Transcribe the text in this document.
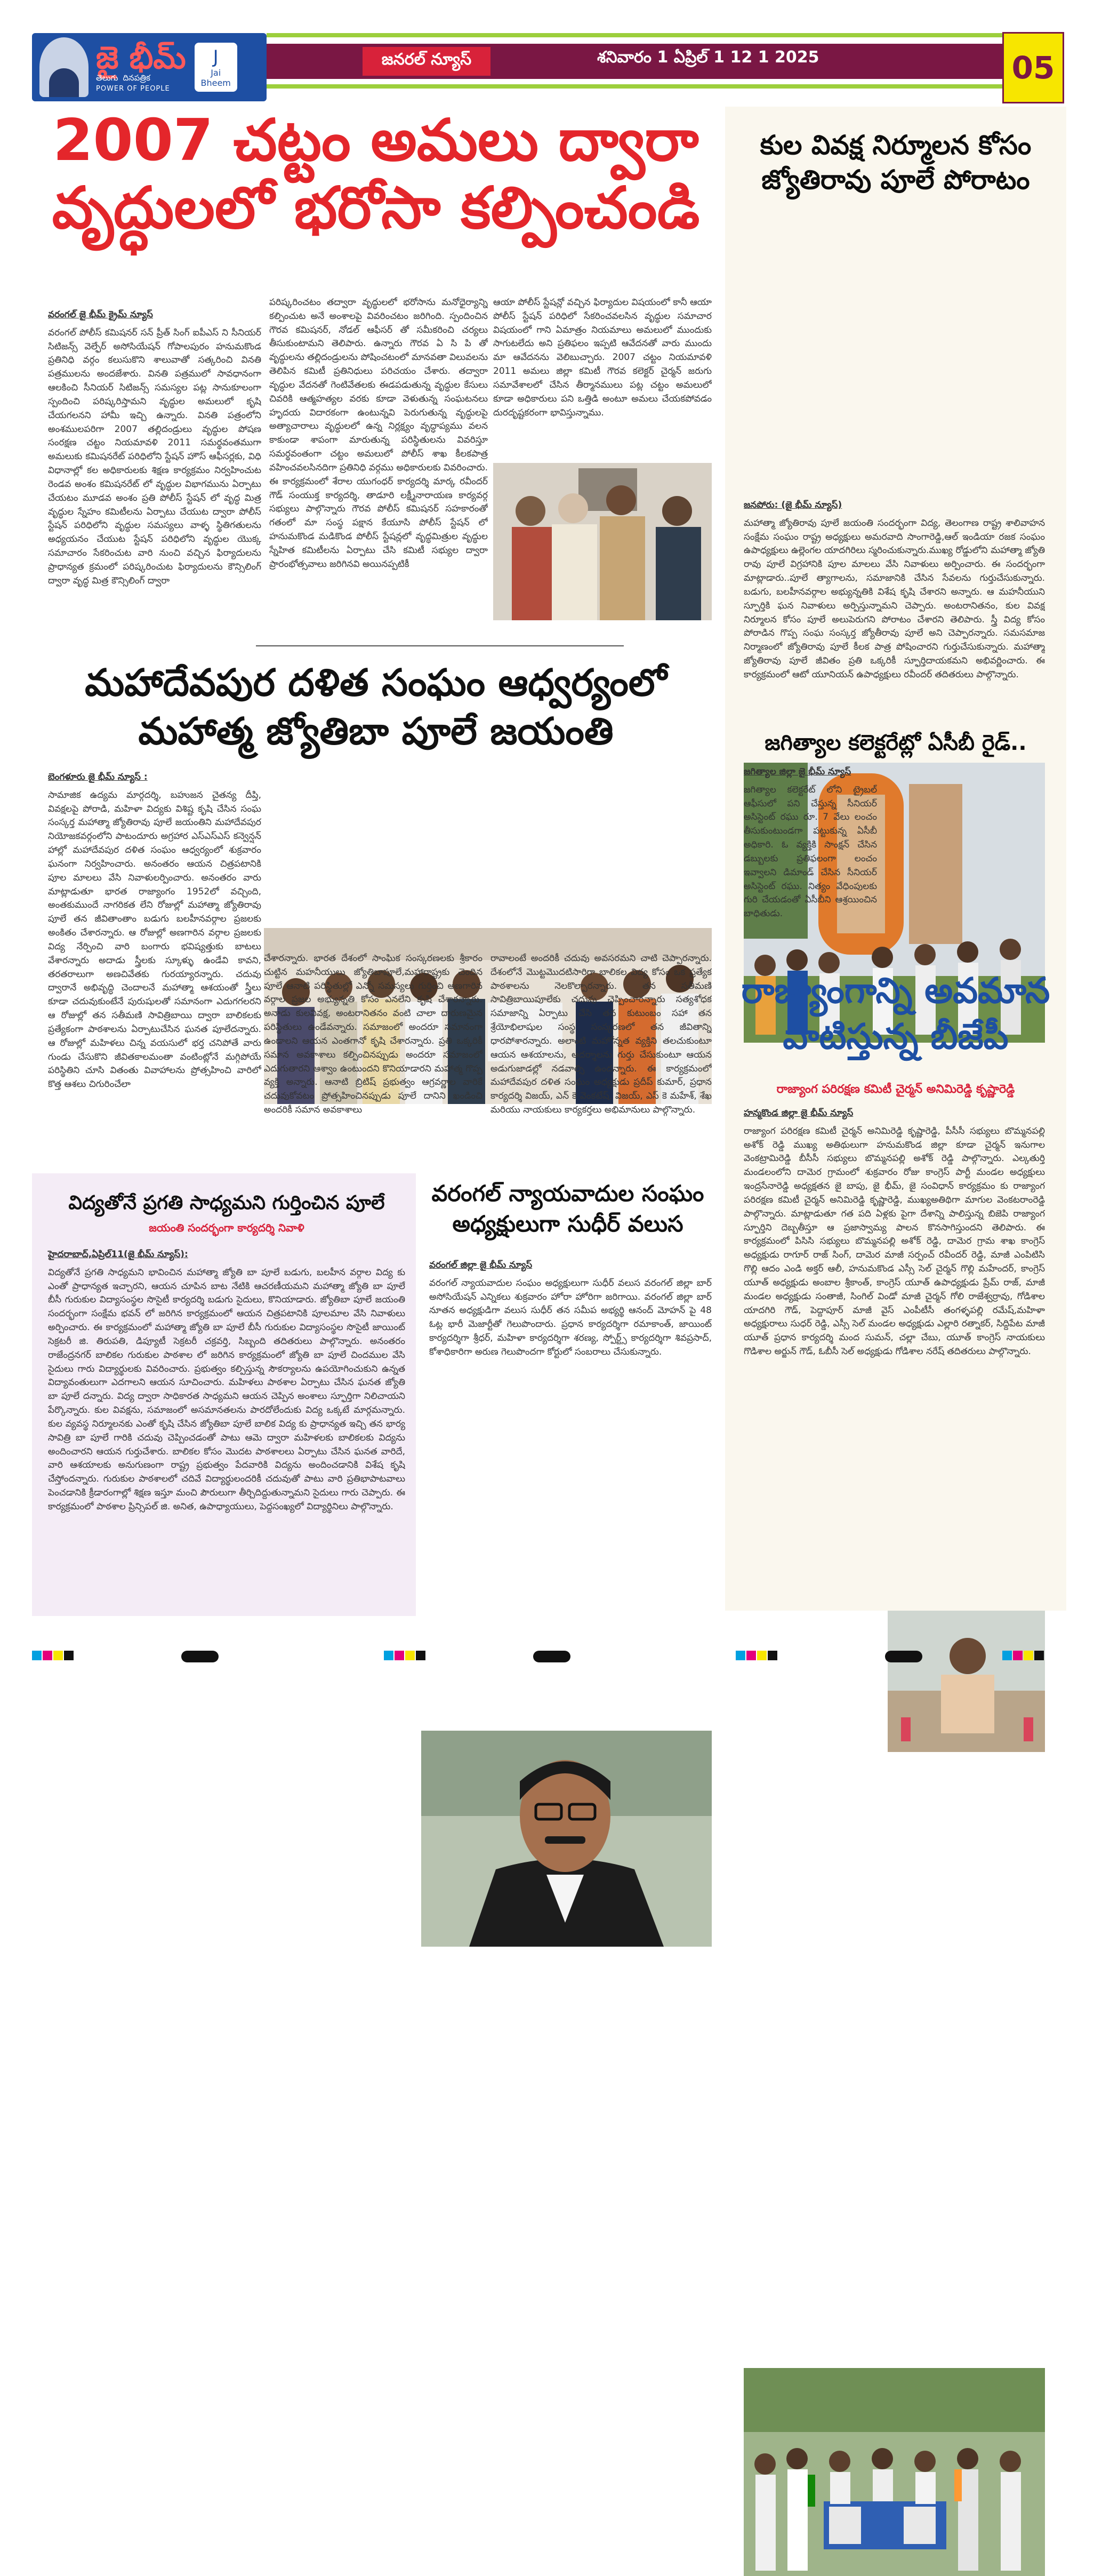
జై భీమ్
తెలుగు దినపత్రిక
POWER OF PEOPLE
J
Jai Bheem
జనరల్ న్యూస్	శనివారం 1 ఏప్రిల్ 1 12 1 2025	05
2007 చట్టం అమలు ద్వారా
వృద్ధులలో భరోసా కల్పించండి
వరంగల్ జై భీమ్ క్రైమ్ న్యూస్
వరంగల్ పోలీస్ కమిషనర్ సన్ ప్రీత్ సింగ్ ఐపీఎస్ ని సీనియర్ సిటిజన్స్ వెల్ఫేర్ అసోసియేషన్ గోపాలపురం హనుమకొండ ప్రతినిధి వర్గం కలుసుకొని శాలువాతో సత్కరించి వినతి పత్రములను అందజేశారు. వినతి పత్రములో సావధానంగా ఆలకించి సీనియర్ సిటిజన్స్ సమస్యల పట్ల సానుకూలంగా స్పందించి పరిష్కరిస్తామని వృద్ధుల అమలులో కృషి చేయగలనని హామీ ఇచ్చి ఉన్నారు. వినతి పత్రంలోని అంశములపరిగా 2007 తల్లిదండ్రులు వృద్ధుల పోషణ సంరక్షణ చట్టం నియమావళి 2011 సమర్థవంతముగా అమలుకు కమిషనరేట్ పరిధిలోని స్టేషన్ హౌస్ ఆఫీసర్లకు, విధి విధానాల్లో కల అధికారులకు శిక్షణ కార్యక్రమం నిర్వహించుట రెండవ అంశం కమిషనరేట్ లో వృద్ధుల విభాగమును ఏర్పాటు చేయటం మూడవ అంశం ప్రతి పోలీస్ స్టేషన్ లో వృద్ధ మిత్ర వృద్ధుల స్నేహం కమిటీలను ఏర్పాటు చేయుట ద్వారా పోలీస్ స్టేషన్ పరిధిలోని వృద్ధుల సమస్యలు వాళ్ళ స్థితిగతులను అధ్యయనం చేయుట స్టేషన్ పరిధిలోని వృద్ధుల యొక్క సమాచారం సేకరించుట వారి నుంచి వచ్చిన ఫిర్యాదులను ప్రాధాన్యత క్రమంలో పరిష్కరించుట ఫిర్యాదులను కౌన్సిలింగ్ ద్వారా వృద్ధ మిత్ర కౌన్సిలింగ్ ద్వారా
పరిష్కరించటం తద్వారా వృద్ధులలో భరోసాను మనోధైర్యాన్ని కల్పించుట అనే అంశాలపై వివరించటం జరిగింది. స్పందించిన గౌరవ కమిషనర్, నోడల్ ఆఫీసర్ తో సమీకరించి చర్యలు తీసుకుంటామని తెలిపారు. ఉన్నారు గౌరవ ఏ సి పి తో వృద్ధులను తల్లిదండ్రులను పోషించటంలో మానవతా విలువలను తెలిపిన కమిటీ ప్రతినిధులు పరిచయం చేశారు. తద్వారా వృద్ధుల వేదనతో గెంటివేతలకు ఈడపడుతున్న వృద్ధుల కేసులు చివరికి ఆత్మహత్యల వరకు కూడా వెళుతున్న సంఘటనలు హృదయ విదారకంగా ఉంటున్నవి పెరుగుతున్న వృద్ధులపై అత్యాచారాలు వృద్ధులలో ఉన్న నిర్లక్ష్యం వృద్ధాప్యము వలన కాకుండా శాపంగా మారుతున్న పరిస్థితులను వివరిస్తూ సమర్థవంతంగా చట్టం అమలులో పోలీస్ శాఖ కీలకపాత్ర వహించవలసినదిగా ప్రతినిధి వర్గము అధికారులకు వివరించారు. ఈ కార్యక్రమంలో శేరాల యుగంధర్ కార్యదర్శి మార్క రవీందర్ గౌడ్ సంయుక్త కార్యదర్శి, తాడూరి లక్ష్మీనారాయణ కార్యవర్గ సభ్యులు పాల్గొన్నారు గౌరవ పోలీస్ కమిషనర్ సహకారంతో గతంలో మా సంస్థ పక్షాన కేయూసి పోలీస్ స్టేషన్ లో హనుమకొండ మడికొండ పోలీస్ స్టేషన్లలో వృద్ధమిత్రుల వృద్ధుల స్నేహిత కమిటీలను ఏర్పాటు చేసి కమిటీ సభ్యుల ద్వారా ప్రారంభోత్సవాలు జరిగినవి అయినప్పటికీ
ఆయా పోలీస్ స్టేషన్లో వచ్చిన ఫిర్యాదుల విషయంలో కానీ ఆయా పోలీస్ స్టేషన్ పరిధిలో సేకరించవలసిన వృద్ధుల సమాచార విషయంలో గాని ఏమాత్రం నియమాలు అమలులో ముందుకు సాగుటలేదు అని ప్రతిఫలం ఇప్పటి ఆవేదనతో వారు ముందు మా ఆవేదనను వెలిబుచ్చారు. 2007 చట్టం నియమావళి 2011 అమలు జిల్లా కమిటీ గౌరవ కలెక్టర్ చైర్మన్ జరుగు సమావేశాలలో చేసిన తీర్మానములు పట్ల చట్టం అమలులో కూడా అధికారులు పని ఒత్తిడి అంటూ అమలు చేయకపోవడం దురదృష్టకరంగా భావిస్తున్నాము.
మహాదేవపుర దళిత సంఘం ఆధ్వర్యంలో
మహాత్మ జ్యోతిబా పూలే జయంతి
బెంగళూరు జై భీమ్ న్యూస్ :
సామాజిక ఉద్యమ మార్గదర్శి, బహుజన చైతన్య దీప్తి, వివక్షలపై పోరాడి, మహిళా విద్యకు విశిష్ట కృషి చేసిన సంఘ సంస్కర్త మహాత్మా జ్యోతిరావు పూలే జయంతిని మహాదేవపుర నియోజకవర్గంలోని పాటందూరు అగ్రహార ఎస్ఎస్ఎస్ కన్వెన్షన్ హాల్లో మహాదేవపుర దళిత సంఘం ఆధ్వర్యంలో శుక్రవారం ఘనంగా నిర్వహించారు. అనంతరం ఆయన చిత్రపటానికి పూల మాలలు వేసి నివాళులర్పించారు. అనంతరం వారు మాట్లాడుతూ భారత రాజ్యాంగం 1952లో వచ్చింది, అంతకుముందే నాగరికత లేని రోజుల్లో మహాత్మా జ్యోతిరావు పూలే తన జీవితాంతాం బడుగు బలహీనవర్గాల ప్రజలకు అంకితం చేశారన్నారు. ఆ రోజుల్లో అణగారిన వర్గాల ప్రజలకు విద్య నేర్పించి వారి బంగారు భవిష్యత్తుకు బాటలు వేశారన్నారు అదాడు స్త్రీలకు స్కూళ్ళు ఉండేవి కావని, తరతరాలుగా అణచివేతకు గురయ్యారన్నారు. చదువు ద్వారానే అభివృద్ధి చెందాలనే మహాత్మా ఆశయంతో స్త్రీలు కూడా చదువుకుంటేనే పురుషులతో సమానంగా ఎదుగగలరని ఆ రోజుల్లో తన సతీమణి సావిత్రిబాయి ద్వారా బాలికలకు ప్రత్యేకంగా పాఠశాలను ఏర్పాటుచేసిన ఘనత పూలేదన్నారు. ఆ రోజుల్లో మహిళలు చిన్న వయసులో భర్త చనిపోతే వారు గుండు చేసుకొని జీవితకాలమంతా వంటింట్లోనే మగ్గిపోయే పరిస్థితిని చూసి వితంతు వివాహాలను ప్రోత్సహించి వారిలో కొత్త ఆశలు చిగురించేలా
చేశారన్నారు. భారత దేశంలో సాంఘిక సంస్కరణలకు శ్రీకారం చుట్టిన మహనీయులు జ్యోతిబాపూలే,మహారాష్ట్రకు చెందిన పూలే ఆనాటి పరిస్థితుల్లో ఎన్నో సమస్యలు గుర్తించి అణగారిన వర్గాల ప్రజల అభ్యున్నతి కోసం ఎనలేని కృషి చేశారన్నారు. అనాడు కులవివక్ష, అంటరానితనం వంటి చాలా దారుణమైన పరిస్థితులు ఉండేవన్నారు. సమాజంలో అందరూ సమానంగా ఉండాలని ఆయన ఎంతగానో కృషి చేశారన్నారు. ప్రతి ఒక్కరికీ సమాన అవకాశాలు కల్పించినప్పుడు అందరూ సమాజంలో ఎదుగుతారని ఆశ్వాం ఉంటుందని కొనియాడారని మహాత్మ గొప్ప వ్యక్తి అన్నారు. ఆనాటి బ్రిటిష్ ప్రభుత్వం ఆగ్రవర్ణాల వారికే చదువుకోవటం ప్రోత్సహించినప్పుడు పూలే దానిని ఖండించి అందరికీ సమాన అవకాశాలు
రావాలంటే అందరికీ చదువు అవసరమని చాటి చెప్పారన్నారు. దేశంలోనే మొట్టమొదటిసారిగా బాలికల విద్య కోసం ఒక ప్రత్యేక పాఠశాలను నెలకొల్పారన్నారు. తన సతీమణి సావిత్రిబాయిపూలేకు చదువు చెప్పించారన్నారు సత్యశోధక సమాజాన్ని ఏర్పాటు చేసి తన కుటుంబం సహా తన శ్రేయోభిలాషుల సంస్థ సంస్కరణలో తన జీవితాన్ని ధారపోశారన్నారు. అలాంటి మహోన్నత వ్యక్తిని తలచుకుంటూ ఆయన ఆశయాలను, ఆదర్శాలను గుర్తు చేసుకుంటూ ఆయన అడుగుజాడల్లో నడవాల్సి ఉందన్నారు. ఈ కార్యక్రమంలో మహాదేవపుర దళిత సంఘం అధ్యక్షుడు ప్రదీప్ కుమార్, ప్రధాన కార్యదర్శి విజయ్, ఎన్ కె వెంకటేష్, విజయ్, ఎస్ కె మహేశ్, శేఖ మరియు నాయకులు కార్యకర్తలు అభిమానులు పాల్గొన్నారు.
విద్యతోనే ప్రగతి సాధ్యమని గుర్తించిన పూలే
జయంతి సందర్భంగా కార్యదర్శి నివాళి
హైదరాబాద్,ఏప్రిల్11(జై భీమ్ న్యూస్):
విద్యతోనే ప్రగతి సాధ్యమని భావించిన మహాత్మా జ్యోతి బా పూలే బడుగు, బలహీన వర్గాల విద్య కు ఎంతో ప్రాధాన్యత ఇచ్చారని, ఆయన చూపిన బాట నేటికి ఆచరణీయమని మహాత్మా జ్యోతి బా పూలే బీసీ గురుకుల విద్యాసంస్థల సొసైటీ కార్యదర్శి బడుగు సైదులు, కొనియాడారు. జ్యోతిబా పూలే జయంతి సందర్భంగా సంక్షేమ భవన్ లో జరిగిన కార్యక్రమంలో ఆయన చిత్రపటానికి పూలమాల వేసి నివాళులు అర్పించారు. ఈ కార్యక్రమంలో మహాత్మా జ్యోతి బా పూలే బీసీ గురుకుల విద్యాసంస్థల సొసైటీ జాయింట్ సెక్రటరీ జి. తిరుపతి, డిప్యూటీ సెక్రటరీ చక్రవర్తి, సిబ్బంది తదితరులు పాల్గొన్నారు. అనంతరం రాజేంద్రనగర్ బాలికల గురుకుల పాఠశాల లో జరిగిన కార్యక్రమంలో జ్యోతి బా పూలే చిందముల వేసి సైదులు గారు విద్యార్థులకు వివరించారు. ప్రభుత్వం కల్పిస్తున్న సౌకర్యాలను ఉపయోగించుకుని ఉన్నత విద్యావంతులుగా ఎదగాలని ఆయన సూచించారు. మహిళలు పాఠశాల ఏర్పాటు చేసిన ఘనత జ్యోతి బా పూలే దన్నారు. విద్య ద్వారా సాధికారత సాధ్యమని ఆయన చెప్పిన అంశాలు స్ఫూర్తిగా నిలిచాయని పేర్కొన్నారు. కుల వివక్షను, సమాజంలో అసమానతలను పారదోలేందుకు విద్య ఒక్కటే మార్గమన్నారు. కుల వ్యవస్థ నిర్మూలనకు ఎంతో కృషి చేసిన జ్యోతిబా పూలే బాలిక విద్య కు ప్రాధాన్యత ఇచ్చి తన భార్య సావిత్రి బా పూలే గారికి చదువు చెప్పించడంతో పాటు ఆమె ద్వారా మహిళలకు బాలికలకు విద్యను అందించారని ఆయన గుర్తుచేశారు. బాలికల కోసం మొదట పాఠశాలలు ఏర్పాటు చేసిన ఘనత వారిదే, వారి ఆశయాలకు అనుగుణంగా రాష్ట్ర ప్రభుత్వం పేదవారికి విద్యను అందించడానికి విశేష కృషి చేస్తోందన్నారు. గురుకుల పాఠశాలలో చదివే విద్యార్థులందరికీ చదువుతో పాటు వారి ప్రతిభాపాటవాలు పెంచడానికి క్రీడారంగాల్లో శిక్షణ ఇస్తూ మంచి పౌరులుగా తీర్చిదిద్దుతున్నామని సైదులు గారు చెప్పారు. ఈ కార్యక్రమంలో పాఠశాల ప్రిన్సిపల్ జి. అనిత, ఉపాధ్యాయులు, పెద్దసంఖ్యలో విద్యార్థినిలు పాల్గొన్నారు.
వరంగల్ న్యాయవాదుల సంఘం
అధ్యక్షులుగా సుధీర్ వలుస
వరంగల్ జిల్లా జై భీమ్ న్యూస్
వరంగల్ న్యాయవాదుల సంఘం అధ్యక్షులుగా సుధీర్ వలుస వరంగల్ జిల్లా బార్ అసోసియేషన్ ఎన్నికలు శుక్రవారం హోరా హోరిగా జరిగాయి. వరంగల్ జిల్లా బార్ నూతన అధ్యక్షుడిగా వలుస సుధీర్ తన సమీప అభ్యర్థి ఆనంద్ మోహన్ పై 48 ఓట్ల భారీ మెజార్టీతో గెలుపొందారు. ప్రధాన కార్యదర్శిగా రమాకాంత్, జాయింట్ కార్యదర్శిగా శ్రీధర్, మహిళా కార్యదర్శిగా శరణ్య, స్పోర్ట్స్ కార్యదర్శిగా శివప్రసాద్, కోశాధికారిగా అరుణ గెలుపొందగా కోర్టులో సంబరాలు చేసుకున్నారు.
కుల వివక్ష నిర్మూలన కోసం
జ్యోతిరావు పూలే పోరాటం
జనపోరు: (జై భీమ్ న్యూస్)
మహాత్మా జ్యోతిరావు పూలే జయంతి సందర్భంగా విద్య, తెలంగాణ రాష్ట్ర శాలివాహన సంక్షేమ సంఘం రాష్ట్ర అధ్యక్షులు అమరవాది సాంగారెడ్డి,ఆల్ ఇండియా రజక సంఘం ఉపాధ్యక్షులు ఉల్లెంగల యాదగిరిలు స్మరించుకున్నారు.ముఖ్య రోడ్డులోని మహాత్మా జ్యోతి రావు పూలే విగ్రహానికి పూల మాలలు వేసి నివాళులు అర్పించారు. ఈ సందర్భంగా మాట్లాడారు..పూలే త్యాగాలను, సమాజానికి చేసిన సేవలను గుర్తుచేసుకున్నారు. బడుగు, బలహీనవర్గాల అభ్యున్నతికి విశేష కృషి చేశారని అన్నారు. ఆ మహనీయుని స్ఫూర్తికి ఘన నివాళులు అర్పిస్తున్నామని చెప్పారు. అంటరానితనం, కుల వివక్ష నిర్మూలన కోసం పూలే అలుపెరుగని పోరాటం చేశారని తెలిపారు. స్త్రీ విద్య కోసం పోరాడిన గొప్ప సంఘ సంస్కర్త జ్యోతీరావు పూలే అని చెప్పారన్నారు. సమసమాజ నిర్మాణంలో జ్యోతిరావు పూలే కీలక పాత్ర పోషించారని గుర్తుచేసుకున్నారు. మహాత్మా జ్యోతిరావు పూలే జీవితం ప్రతి ఒక్కరికీ స్ఫూర్తిదాయకమని అభివర్ణించారు. ఈ కార్యక్రమంలో ఆటో యూనియన్ ఉపాధ్యక్షులు రవీందర్ తదితరులు పాల్గొన్నారు.
జగిత్యాల కలెక్టరేట్లో ఏసీబీ రైడ్..
జగిత్యాల జిల్లా జై భీమ్ న్యూస్
జగిత్యాల కలెక్టరేట్ లోని ట్రైబల్ ఆఫీసులో పని చేస్తున్న సీనియర్ అసిస్టెంట్ రఘు రూ. 7 వేలు లంచం తీసుకుంటుండగా పట్టుకున్న ఏసీబీ అధికారి. ఓ వ్యక్తికి సాంక్షన్ చేసిన డబ్బులకు ప్రతిఫలంగా లంచం ఇవ్వాలని డిమాండ్ చేసిన సీనియర్ అసిస్టెంట్ రఘు. నిత్యం వేధింపులకు గురి చేయడంతో ఏసీబీని ఆశ్రయించిన బాధితుడు.
రాజ్యాంగాన్ని అవమాన
పాటిస్తున్న బీజేపీ
రాజ్యాంగ పరిరక్షణ కమిటీ చైర్మన్ అనిమిరెడ్డి కృష్ణారెడ్డి
హన్మకొండ జిల్లా జై భీమ్ న్యూస్
రాజ్యాంగ పరిరక్షణ కమిటీ చైర్మన్ అనిమిరెడ్డి కృష్ణారెడ్డి, పీసీసీ సభ్యులు బొమ్మనపల్లి అశోక్ రెడ్డి ముఖ్య అతిథులుగా హనుమకొండ జిల్లా కూడా చైర్మన్ ఇనుగాల వెంకట్రామిరెడ్డి బీసీసీ సభ్యులు బొమ్మనపల్లి అశోక్ రెడ్డి పాల్గొన్నారు. ఎల్కతుర్తి మండలంలోని దామెర గ్రామంలో శుక్రవారం రోజు కాంగ్రెస్ పార్టీ మండల అధ్యక్షులు ఇంద్రసేనారెడ్డి అధ్యక్షతన జై బాపు, జై భీమ్, జై సంవిధాన్ కార్యక్రమం కు రాజ్యాంగ పరిరక్షణ కమిటీ చైర్మన్ అనిమిరెడ్డి కృష్ణారెడ్డి, ముఖ్యఅతిథిగా మాగుల వెంకటరాంరెడ్డి పాల్గొన్నారు. మాట్లాడుతూ గత పది ఏళ్లకు పైగా దేశాన్ని పాలిస్తున్న బిజెపి రాజ్యాంగ స్ఫూర్తిని దెబ్బతీస్తూ ఆ ప్రజాస్వామ్య పాలన కొనసాగిస్తుందని తెలిపారు. ఈ కార్యక్రమంలో పిసిసి సభ్యులు బొమ్మనపల్లి అశోక్ రెడ్డి, దామెర గ్రామ శాఖ కాంగ్రెస్ అధ్యక్షుడు రాగూర్ రాజ్ సింగ్, దామెర మాజీ సర్పంచ్ రవీందర్ రెడ్డి, మాజీ ఎంపిటిసి గొల్లి ఆదం ఎండి అక్తర్ ఆలీ, హనుమకొండ ఎస్సీ సెల్ చైర్మన్ గొల్లి మహేందర్, కాంగ్రెస్ యూత్ అధ్యక్షుడు అంబాల శ్రీకాంత్, కాంగ్రెస్ యూత్ ఉపాధ్యక్షుడు ప్రేమ్ రాజ్, మాజీ మండల అధ్యక్షుడు సంతాజీ, సింగిల్ విండో మాజీ చైర్మన్ గోలి రాజేశ్వర్రావు, గోడిశాల యాదగిరి గౌడ్, పెద్దాపూర్ మాజీ వైస్ ఎంపీటీసీ తంగళ్ళపల్లి రమేష్,మహిళా అధ్యక్షురాలు సుధర్ రెడ్డి, ఎస్సీ సెల్ మండల అధ్యక్షుడు ఎల్లారి రత్నాకర్, సిద్దిపేట మాజీ యూత్ ప్రధాన కార్యదర్శి మంద సుమన్, చల్లా చేబు, యూత్ కాంగ్రెస్ నాయకులు గొడిశాల అర్జున్ గౌడ్, ఓబీసీ సెల్ అధ్యక్షుడు గోడిశాల నరేష్ తదితరులు పాల్గొన్నారు.
